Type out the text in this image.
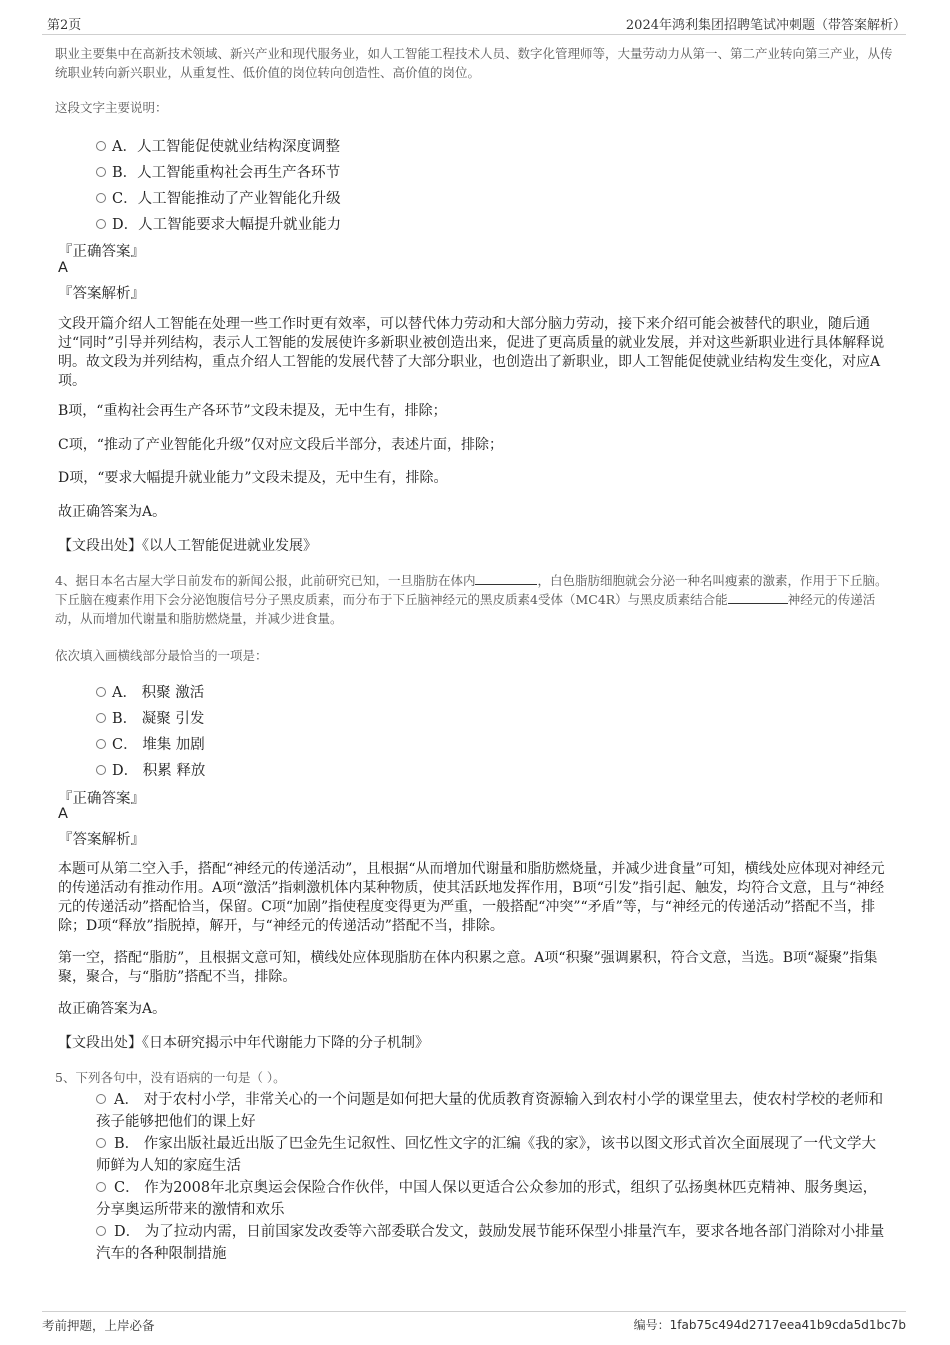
第2页	2024年鸿利集团招聘笔试冲刺题（带答案解析）
职业主要集中在高新技术领域、新兴产业和现代服务业，如人工智能工程技术人员、数字化管理师等，大量劳动力从第一、第二产业转向第三产业，从传统职业转向新兴职业，从重复性、低价值的岗位转向创造性、高价值的岗位。
这段文字主要说明：
A．人工智能促使就业结构深度调整
B．人工智能重构社会再生产各环节
C．人工智能推动了产业智能化升级
D．人工智能要求大幅提升就业能力
『正确答案』
A
『答案解析』
文段开篇介绍人工智能在处理一些工作时更有效率，可以替代体力劳动和大部分脑力劳动，接下来介绍可能会被替代的职业，随后通过“同时”引导并列结构，表示人工智能的发展使许多新职业被创造出来，促进了更高质量的就业发展，并对这些新职业进行具体解释说明。故文段为并列结构，重点介绍人工智能的发展代替了大部分职业，也创造出了新职业，即人工智能促使就业结构发生变化，对应A项。
B项，“重构社会再生产各环节”文段未提及，无中生有，排除；
C项，“推动了产业智能化升级”仅对应文段后半部分，表述片面，排除；
D项，“要求大幅提升就业能力”文段未提及，无中生有，排除。
故正确答案为A。
【文段出处】《以人工智能促进就业发展》
4、据日本名古屋大学日前发布的新闻公报，此前研究已知，一旦脂肪在体内	，白色脂肪细胞就会分泌一种名叫瘦素的激素，作用于下丘脑。下丘脑在瘦素作用下会分泌饱腹信号分子黑皮质素，而分布于下丘脑神经元的黑皮质素4受体（MC4R）与黑皮质素结合能	神经元的传递活动，从而增加代谢量和脂肪燃烧量，并减少进食量。
依次填入画横线部分最恰当的一项是：
A． 积聚 激活
B． 凝聚 引发
C． 堆集 加剧
D． 积累 释放
『正确答案』
A
『答案解析』
本题可从第二空入手，搭配“神经元的传递活动”，且根据“从而增加代谢量和脂肪燃烧量，并减少进食量”可知，横线处应体现对神经元的传递活动有推动作用。A项“激活”指刺激机体内某种物质，使其活跃地发挥作用，B项“引发”指引起、触发，均符合文意，且与“神经元的传递活动”搭配恰当，保留。C项“加剧”指使程度变得更为严重，一般搭配“冲突”“矛盾”等，与“神经元的传递活动”搭配不当，排除；D项“释放”指脱掉，解开，与“神经元的传递活动”搭配不当，排除。
第一空，搭配“脂肪”，且根据文意可知，横线处应体现脂肪在体内积累之意。A项“积聚”强调累积，符合文意，当选。B项“凝聚”指集聚，聚合，与“脂肪”搭配不当，排除。
故正确答案为A。
【文段出处】《日本研究揭示中年代谢能力下降的分子机制》
5、下列各句中，没有语病的一句是（ ）。
A． 对于农村小学，非常关心的一个问题是如何把大量的优质教育资源输入到农村小学的课堂里去，使农村学校的老师和孩子能够把他们的课上好
B． 作家出版社最近出版了巴金先生记叙性、回忆性文字的汇编《我的家》，该书以图文形式首次全面展现了一代文学大师鲜为人知的家庭生活
C． 作为2008年北京奥运会保险合作伙伴，中国人保以更适合公众参加的形式，组织了弘扬奥林匹克精神、服务奥运，分享奥运所带来的激情和欢乐
D． 为了拉动内需，日前国家发改委等六部委联合发文，鼓励发展节能环保型小排量汽车，要求各地各部门消除对小排量汽车的各种限制措施
考前押题，上岸必备	编号：1fab75c494d2717eea41b9cda5d1bc7b
